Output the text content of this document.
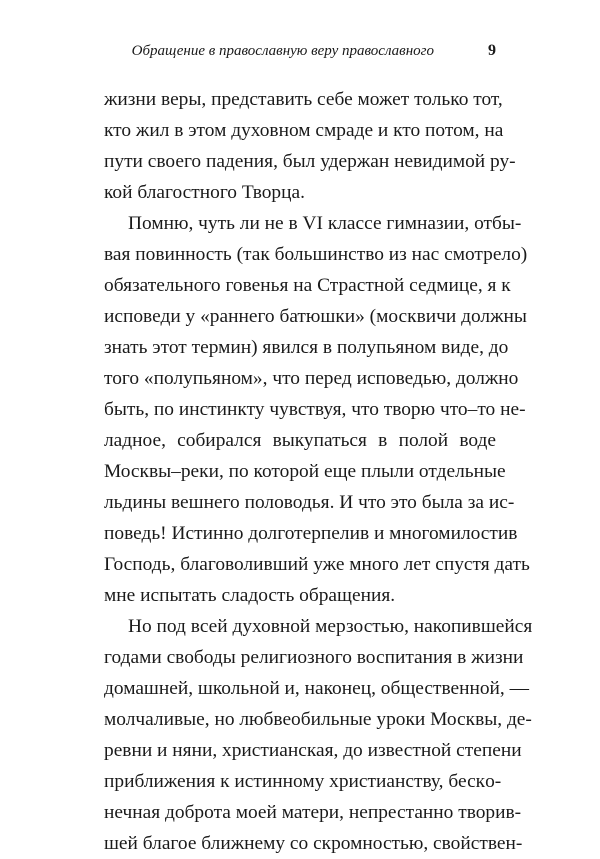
Обращение в православную веру православного	9
жизни веры, представить себе может только тот,
кто жил в этом духовном смраде и кто потом, на
пути своего падения, был удержан невидимой ру-
кой благостного Творца.
Помню, чуть ли не в VI классе гимназии, отбы-
вая повинность (так большинство из нас смотрело)
обязательного говенья на Страстной седмице, я к
исповеди у «раннего батюшки» (москвичи должны
знать этот термин) явился в полупьяном виде, до
того «полупьяном», что перед исповедью, должно
быть, по инстинкту чувствуя, что творю что–то не-
ладное, собирался выкупаться в полой воде
Москвы–реки, по которой еще плыли отдельные
льдины вешнего половодья. И что это была за ис-
поведь! Истинно долготерпелив и многомилостив
Господь, благоволивший уже много лет спустя дать
мне испытать сладость обращения.
Но под всей духовной мерзостью, накопившейся
годами свободы религиозного воспитания в жизни
домашней, школьной и, наконец, общественной, —
молчаливые, но любвеобильные уроки Москвы, де-
ревни и няни, христианская, до известной степени
приближения к истинному христианству, бескo-
нечная доброта моей матери, непрестанно творив-
шей благое ближнему со скромностью, свойствен-
